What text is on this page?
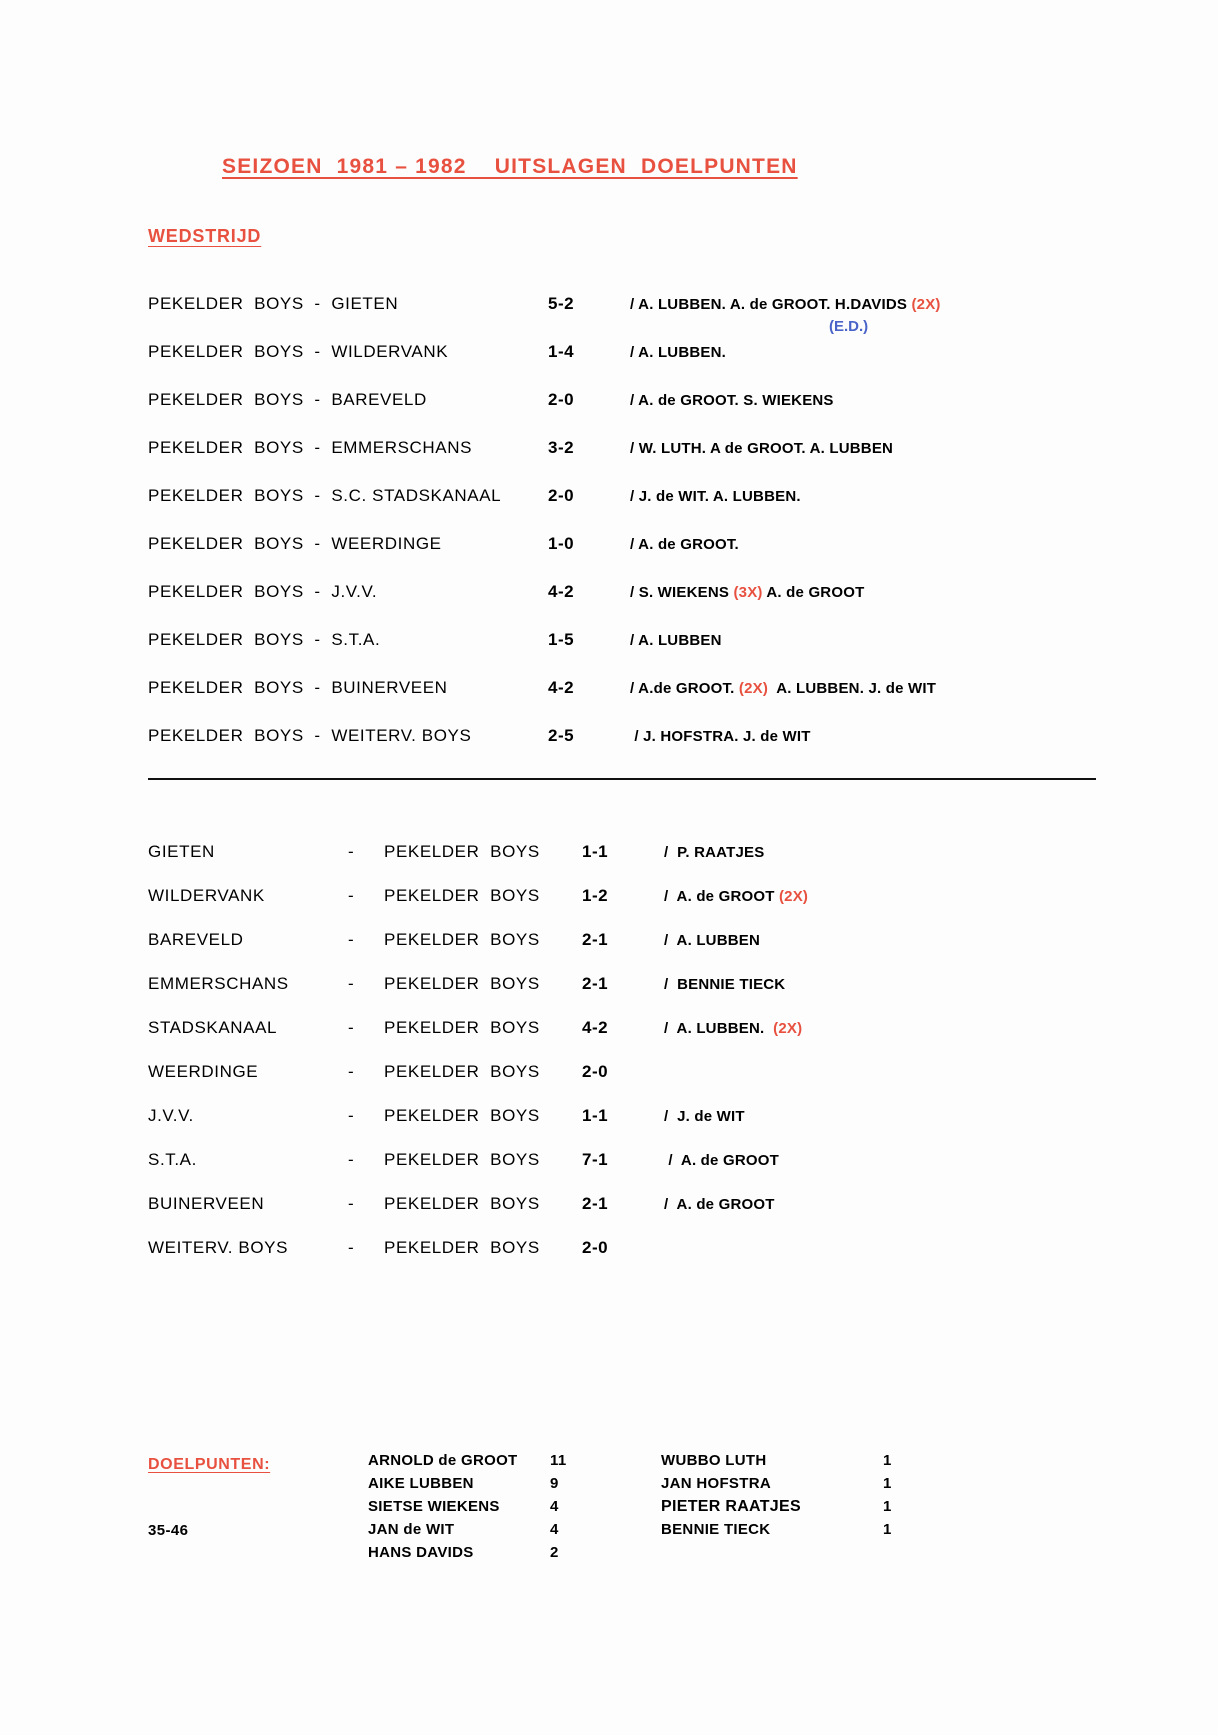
SEIZOEN  1981 – 1982    UITSLAGEN  DOELPUNTEN
WEDSTRIJD
PEKELDER  BOYS  -  GIETEN	5-2	/ A. LUBBEN. A. de GROOT. H.DAVIDS (2X)
(E.D.)
PEKELDER  BOYS  -  WILDERVANK	1-4	/ A. LUBBEN.
PEKELDER  BOYS  -  BAREVELD	2-0	/ A. de GROOT. S. WIEKENS
PEKELDER  BOYS  -  EMMERSCHANS	3-2	/ W. LUTH. A de GROOT. A. LUBBEN
PEKELDER  BOYS  -  S.C. STADSKANAAL	2-0	/ J. de WIT. A. LUBBEN.
PEKELDER  BOYS  -  WEERDINGE	1-0	/ A. de GROOT.
PEKELDER  BOYS  -  J.V.V.	4-2	/ S. WIEKENS (3X) A. de GROOT
PEKELDER  BOYS  -  S.T.A.	1-5	/ A. LUBBEN
PEKELDER  BOYS  -  BUINERVEEN	4-2	/ A.de GROOT. (2X)  A. LUBBEN. J. de WIT
PEKELDER  BOYS  -  WEITERV. BOYS	2-5	/ J. HOFSTRA. J. de WIT
GIETEN	-	PEKELDER  BOYS	1-1	/  P. RAATJES
WILDERVANK	-	PEKELDER  BOYS	1-2	/  A. de GROOT (2X)
BAREVELD	-	PEKELDER  BOYS	2-1	/  A. LUBBEN
EMMERSCHANS	-	PEKELDER  BOYS	2-1	/  BENNIE TIECK
STADSKANAAL	-	PEKELDER  BOYS	4-2	/  A. LUBBEN.  (2X)
WEERDINGE	-	PEKELDER  BOYS	2-0
J.V.V.	-	PEKELDER  BOYS	1-1	/  J. de WIT
S.T.A.	-	PEKELDER  BOYS	7-1	/  A. de GROOT
BUINERVEEN	-	PEKELDER  BOYS	2-1	/  A. de GROOT
WEITERV. BOYS	-	PEKELDER  BOYS	2-0
DOELPUNTEN:
35-46
ARNOLD de GROOT	11
AIKE LUBBEN	9
SIETSE WIEKENS	4
JAN de WIT	4
HANS DAVIDS	2
WUBBO LUTH	1
JAN HOFSTRA	1
PIETER RAATJES	1
BENNIE TIECK	1
